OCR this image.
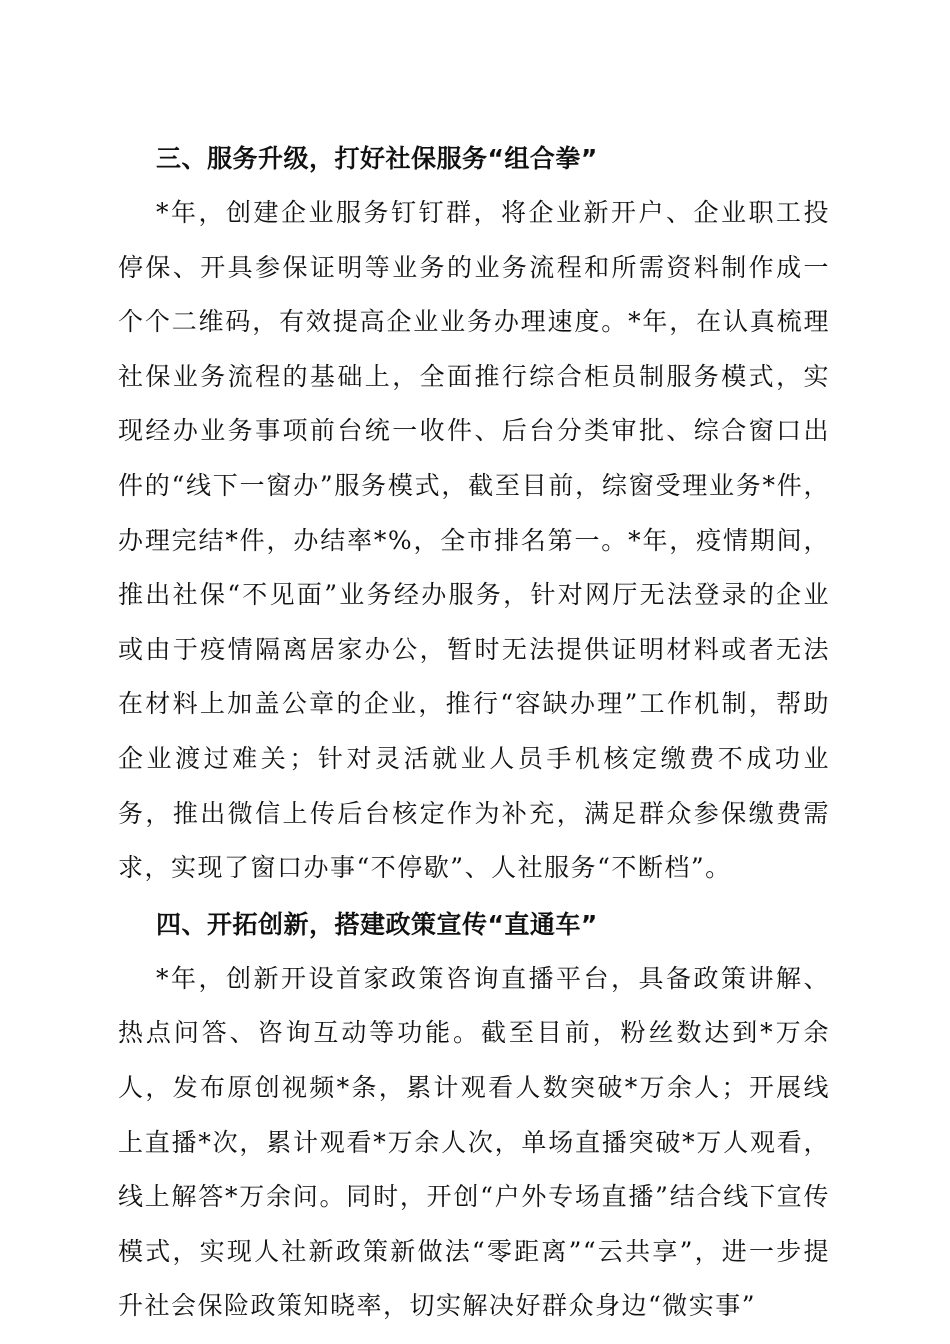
三、服务升级，打好社保服务“组合拳”

*年，创建企业服务钉钉群，将企业新开户、企业职工投停保、开具参保证明等业务的业务流程和所需资料制作成一个个二维码，有效提高企业业务办理速度。*年，在认真梳理社保业务流程的基础上，全面推行综合柜员制服务模式，实现经办业务事项前台统一收件、后台分类审批、综合窗口出件的“线下一窗办”服务模式，截至目前，综窗受理业务*件，办理完结*件，办结率*%，全市排名第一。*年，疫情期间，推出社保“不见面”业务经办服务，针对网厅无法登录的企业或由于疫情隔离居家办公，暂时无法提供证明材料或者无法在材料上加盖公章的企业，推行“容缺办理”工作机制，帮助企业渡过难关；针对灵活就业人员手机核定缴费不成功业务，推出微信上传后台核定作为补充，满足群众参保缴费需求，实现了窗口办事“不停歇”、人社服务“不断档”。

四、开拓创新，搭建政策宣传“直通车”

*年，创新开设首家政策咨询直播平台，具备政策讲解、热点问答、咨询互动等功能。截至目前，粉丝数达到*万余人，发布原创视频*条，累计观看人数突破*万余人；开展线上直播*次，累计观看*万余人次，单场直播突破*万人观看，线上解答*万余问。同时，开创“户外专场直播”结合线下宣传模式，实现人社新政策新做法“零距离”“云共享”，进一步提升社会保险政策知晓率，切实解决好群众身边“微实事”
